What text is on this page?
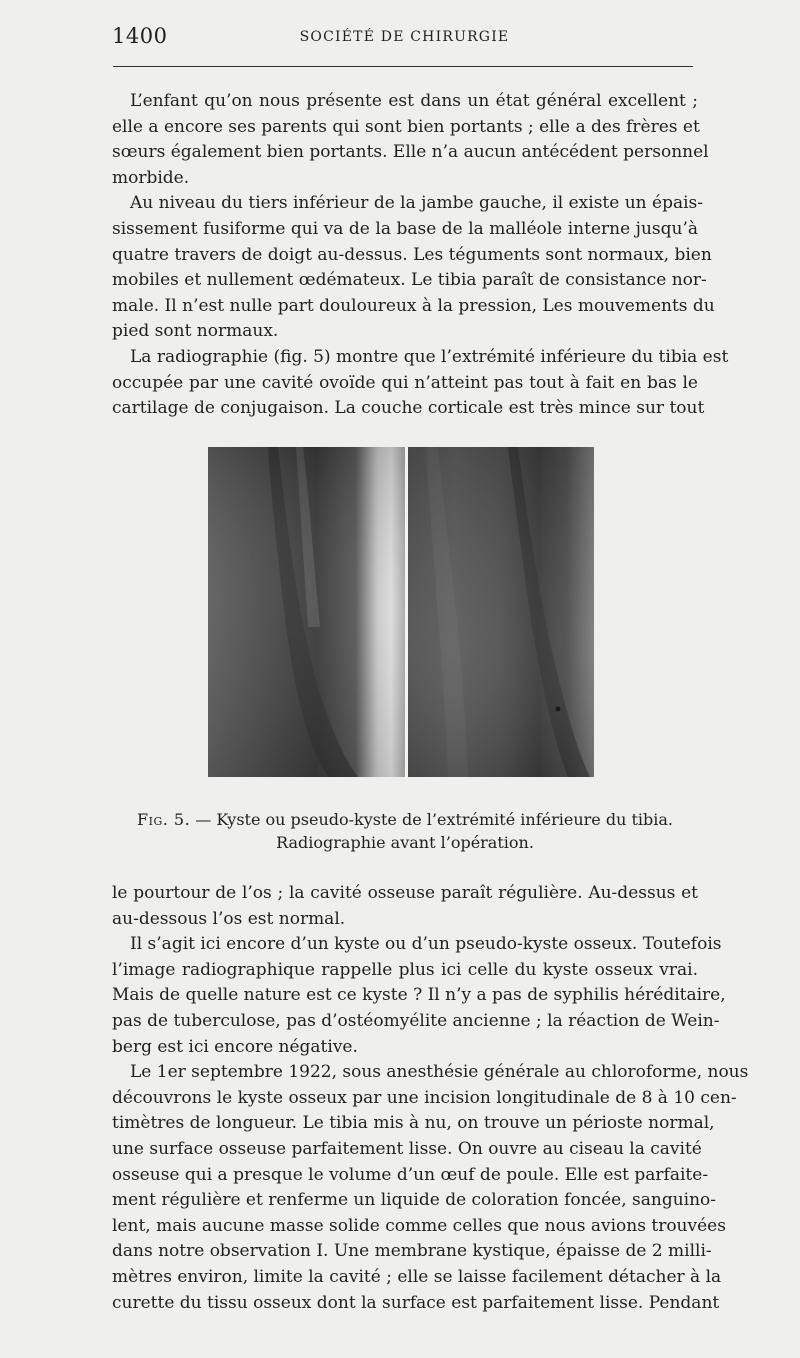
1400	SOCIÉTÉ DE CHIRURGIE
L’enfant qu’on nous présente est dans un état général excellent ;
elle a encore ses parents qui sont bien portants ; elle a des frères et
sœurs également bien portants. Elle n’a aucun antécédent personnel
morbide.
Au niveau du tiers inférieur de la jambe gauche, il existe un épais-
sissement fusiforme qui va de la base de la malléole interne jusqu’à
quatre travers de doigt au-dessus. Les téguments sont normaux, bien
mobiles et nullement œdémateux. Le tibia paraît de consistance nor-
male. Il n’est nulle part douloureux à la pression, Les mouvements du
pied sont normaux.
La radiographie (fig. 5) montre que l’extrémité inférieure du tibia est
occupée par une cavité ovoïde qui n’atteint pas tout à fait en bas le
cartilage de conjugaison. La couche corticale est très mince sur tout
Fig. 5. — Kyste ou pseudo-kyste de l’extrémité inférieure du tibia.
Radiographie avant l’opération.
le pourtour de l’os ; la cavité osseuse paraît régulière. Au-dessus et
au-dessous l’os est normal.
Il s’agit ici encore d’un kyste ou d’un pseudo-kyste osseux. Toutefois
l’image radiographique rappelle plus ici celle du kyste osseux vrai.
Mais de quelle nature est ce kyste ? Il n’y a pas de syphilis héréditaire,
pas de tuberculose, pas d’ostéomyélite ancienne ; la réaction de Wein-
berg est ici encore négative.
Le 1er septembre 1922, sous anesthésie générale au chloroforme, nous
découvrons le kyste osseux par une incision longitudinale de 8 à 10 cen-
timètres de longueur. Le tibia mis à nu, on trouve un périoste normal,
une surface osseuse parfaitement lisse. On ouvre au ciseau la cavité
osseuse qui a presque le volume d’un œuf de poule. Elle est parfaite-
ment régulière et renferme un liquide de coloration foncée, sanguino-
lent, mais aucune masse solide comme celles que nous avions trouvées
dans notre observation I. Une membrane kystique, épaisse de 2 milli-
mètres environ, limite la cavité ; elle se laisse facilement détacher à la
curette du tissu osseux dont la surface est parfaitement lisse. Pendant
